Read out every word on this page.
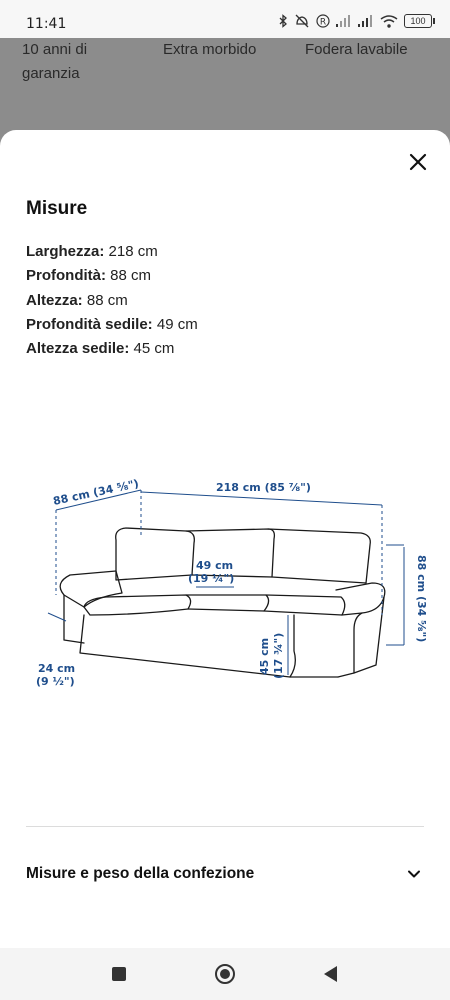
11:41	R	100
10 anni di garanzia
Extra morbido	Fodera lavabile
Misure
Larghezza: 218 cm
Profondità: 88 cm
Altezza: 88 cm
Profondità sedile: 49 cm
Altezza sedile: 45 cm
88 cm (34 ⅝")	218 cm (85 ⅞")
88 cm (34 ⅝")
49 cm
(19 ¼")
45 cm (17 ¾")
24 cm
(9 ½")
Misure e peso della confezione
